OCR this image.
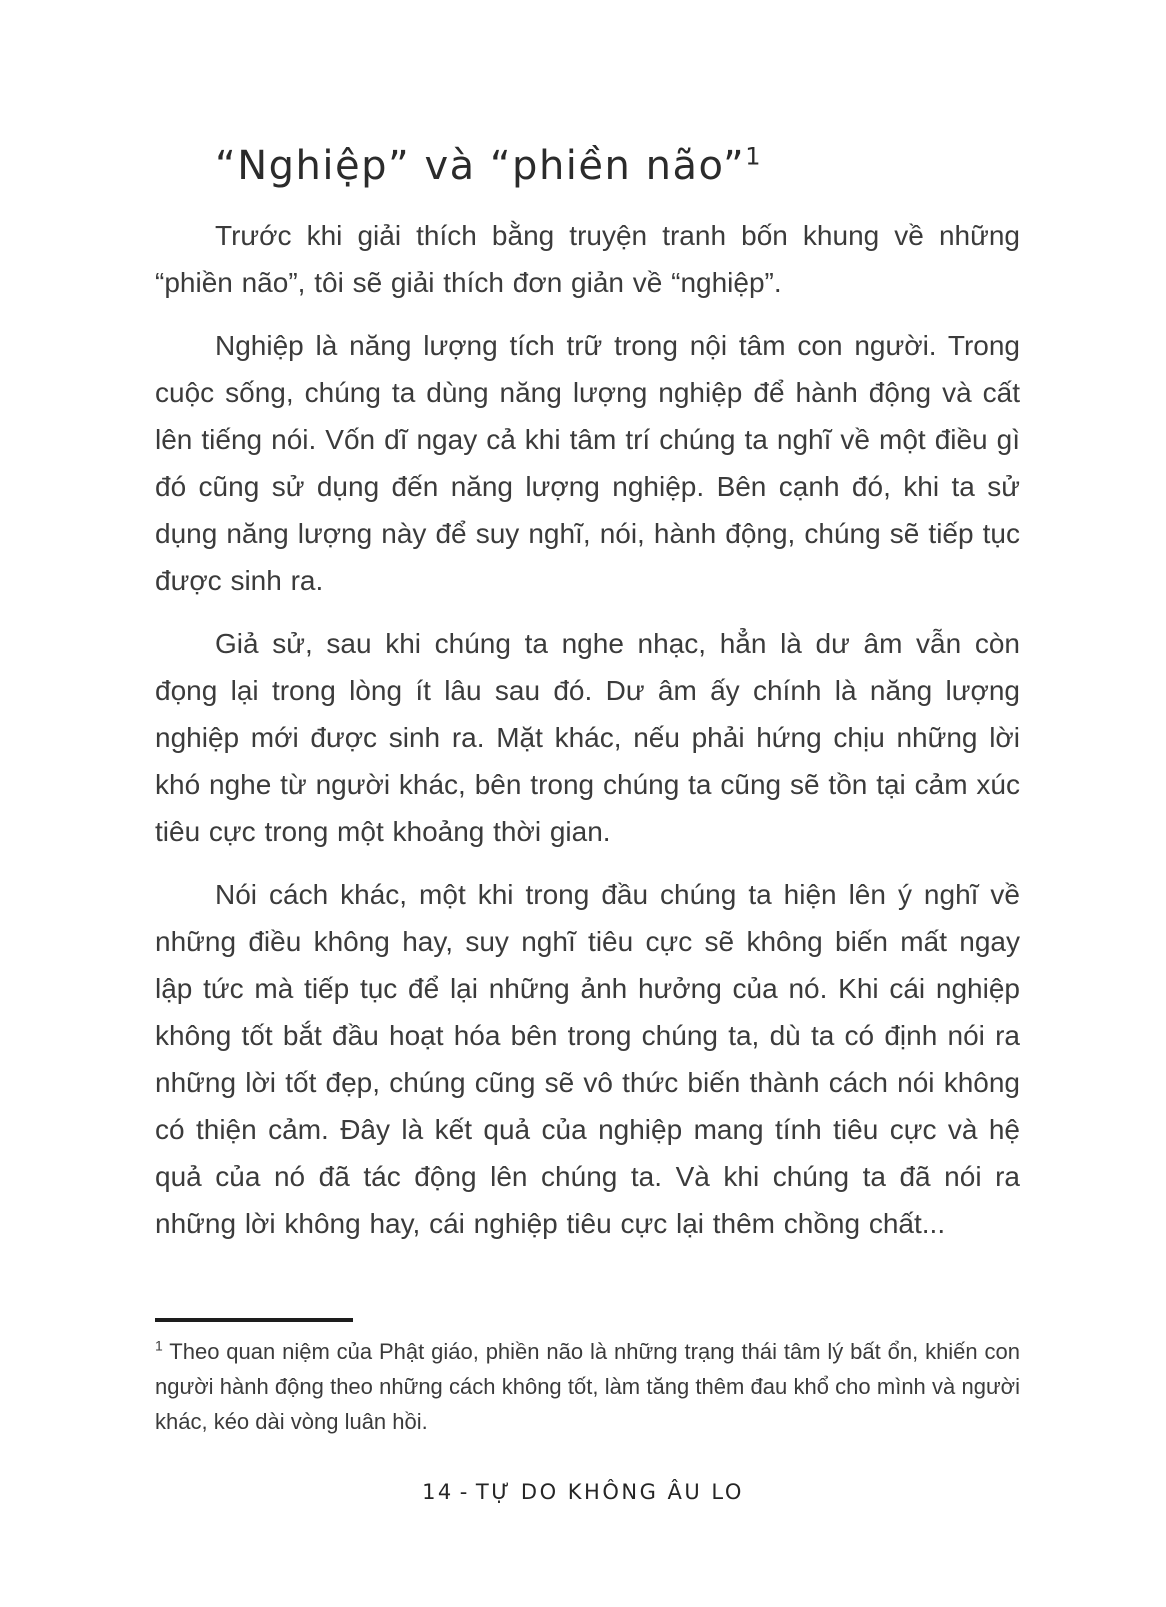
“Nghiệp” và “phiền não”$^1$

Trước khi giải thích bằng truyện tranh bốn khung về những “phiền não”, tôi sẽ giải thích đơn giản về “nghiệp”.

Nghiệp là năng lượng tích trữ trong nội tâm con người. Trong cuộc sống, chúng ta dùng năng lượng nghiệp để hành động và cất lên tiếng nói. Vốn dĩ ngay cả khi tâm trí chúng ta nghĩ về một điều gì đó cũng sử dụng đến năng lượng nghiệp. Bên cạnh đó, khi ta sử dụng năng lượng này để suy nghĩ, nói, hành động, chúng sẽ tiếp tục được sinh ra.

Giả sử, sau khi chúng ta nghe nhạc, hẳn là dư âm vẫn còn đọng lại trong lòng ít lâu sau đó. Dư âm ấy chính là năng lượng nghiệp mới được sinh ra. Mặt khác, nếu phải hứng chịu những lời khó nghe từ người khác, bên trong chúng ta cũng sẽ tồn tại cảm xúc tiêu cực trong một khoảng thời gian.

Nói cách khác, một khi trong đầu chúng ta hiện lên ý nghĩ về những điều không hay, suy nghĩ tiêu cực sẽ không biến mất ngay lập tức mà tiếp tục để lại những ảnh hưởng của nó. Khi cái nghiệp không tốt bắt đầu hoạt hóa bên trong chúng ta, dù ta có định nói ra những lời tốt đẹp, chúng cũng sẽ vô thức biến thành cách nói không có thiện cảm. Đây là kết quả của nghiệp mang tính tiêu cực và hệ quả của nó đã tác động lên chúng ta. Và khi chúng ta đã nói ra những lời không hay, cái nghiệp tiêu cực lại thêm chồng chất...

$^1$ Theo quan niệm của Phật giáo, phiền não là những trạng thái tâm lý bất ổn, khiến con người hành động theo những cách không tốt, làm tăng thêm đau khổ cho mình và người khác, kéo dài vòng luân hồi.

14 - TỰ DO KHÔNG ÂU LO
